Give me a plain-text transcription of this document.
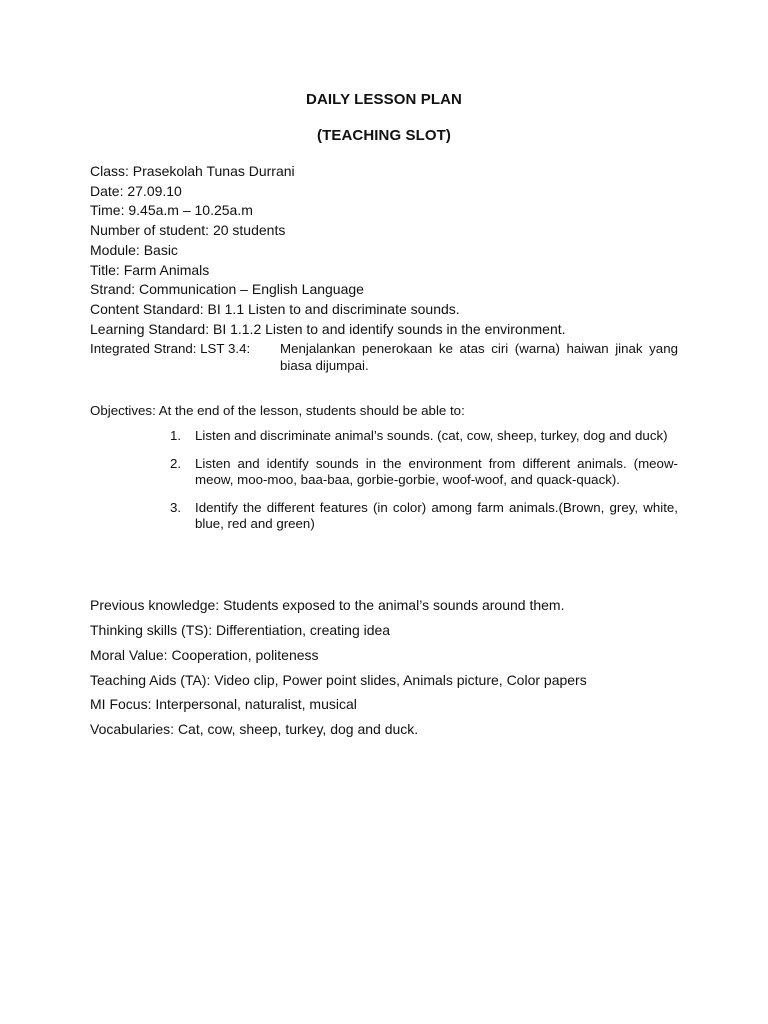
DAILY LESSON PLAN
(TEACHING SLOT)
Class: Prasekolah Tunas Durrani
Date: 27.09.10
Time: 9.45a.m – 10.25a.m
Number of student: 20 students
Module: Basic
Title: Farm Animals
Strand: Communication – English Language
Content Standard: BI 1.1 Listen to and discriminate sounds.
Learning Standard: BI 1.1.2 Listen to and identify sounds in the environment.
Integrated Strand: LST 3.4: Menjalankan penerokaan ke atas ciri (warna) haiwan jinak yang biasa dijumpai.
Objectives: At the end of the lesson, students should be able to:
1. Listen and discriminate animal’s sounds. (cat, cow, sheep, turkey, dog and duck)
2. Listen and identify sounds in the environment from different animals. (meow-meow, moo-moo, baa-baa, gorbie-gorbie, woof-woof, and quack-quack).
3. Identify the different features (in color) among farm animals.(Brown, grey, white, blue, red and green)
Previous knowledge: Students exposed to the animal’s sounds around them.
Thinking skills (TS): Differentiation, creating idea
Moral Value: Cooperation, politeness
Teaching Aids (TA): Video clip, Power point slides, Animals picture, Color papers
MI Focus: Interpersonal, naturalist, musical
Vocabularies: Cat, cow, sheep, turkey, dog and duck.
